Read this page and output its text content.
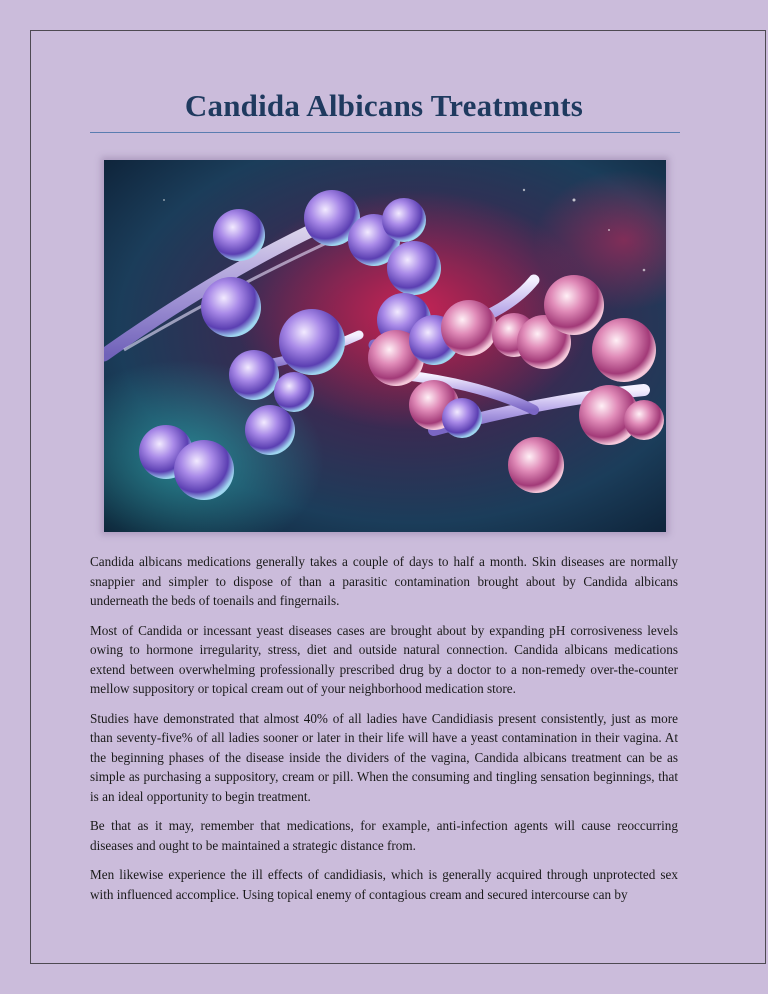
Candida Albicans Treatments

Candida albicans medications generally takes a couple of days to half a month. Skin diseases are normally snappier and simpler to dispose of than a parasitic contamination brought about by Candida albicans underneath the beds of toenails and fingernails.

Most of Candida or incessant yeast diseases cases are brought about by expanding pH corrosiveness levels owing to hormone irregularity, stress, diet and outside natural connection. Candida albicans medications extend between overwhelming professionally prescribed drug by a doctor to a non-remedy over-the-counter mellow suppository or topical cream out of your neighborhood medication store.

Studies have demonstrated that almost 40% of all ladies have Candidiasis present consistently, just as more than seventy-five% of all ladies sooner or later in their life will have a yeast contamination in their vagina. At the beginning phases of the disease inside the dividers of the vagina, Candida albicans treatment can be as simple as purchasing a suppository, cream or pill. When the consuming and tingling sensation beginnings, that is an ideal opportunity to begin treatment.

Be that as it may, remember that medications, for example, anti-infection agents will cause reoccurring diseases and ought to be maintained a strategic distance from.

Men likewise experience the ill effects of candidiasis, which is generally acquired through unprotected sex with influenced accomplice. Using topical enemy of contagious cream and secured intercourse can by
